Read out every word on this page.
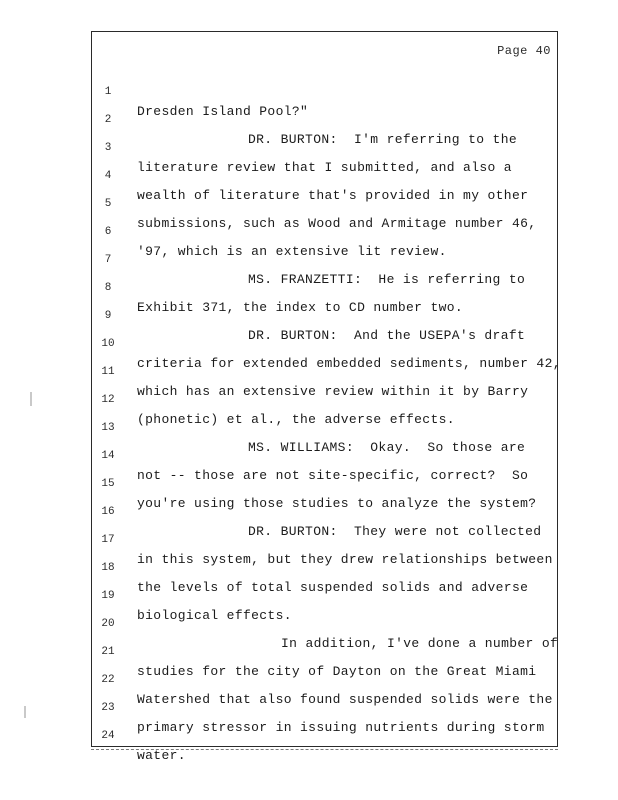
Page 40

1

Dresden Island Pool?"

2

DR. BURTON:  I'm referring to the

3

literature review that I submitted, and also a

4

wealth of literature that's provided in my other

5

submissions, such as Wood and Armitage number 46,

6

'97, which is an extensive lit review.

7

MS. FRANZETTI:  He is referring to

8

Exhibit 371, the index to CD number two.

9

DR. BURTON:  And the USEPA's draft

10

criteria for extended embedded sediments, number 42,

11

which has an extensive review within it by Barry

12

(phonetic) et al., the adverse effects.

13

MS. WILLIAMS:  Okay.  So those are

14

not -- those are not site-specific, correct?  So

15

you're using those studies to analyze the system?

16

DR. BURTON:  They were not collected

17

in this system, but they drew relationships between

18

the levels of total suspended solids and adverse

19

biological effects.

20

In addition, I've done a number of

21

studies for the city of Dayton on the Great Miami

22

Watershed that also found suspended solids were the

23

primary stressor in issuing nutrients during storm

24

water.
